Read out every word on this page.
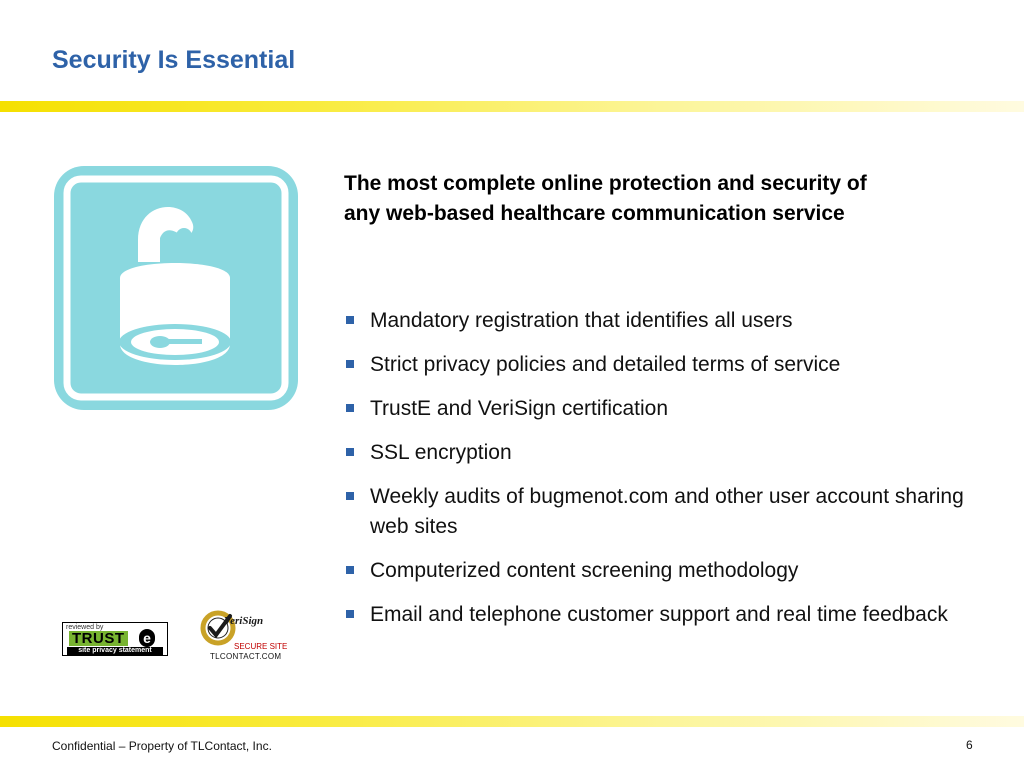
Security Is Essential

The most complete online protection and security of any web-based healthcare communication service

Mandatory registration that identifies all users
Strict privacy policies and detailed terms of service
TrustE and VeriSign certification
SSL encryption
Weekly audits of bugmenot.com and other user account sharing web sites
Computerized content screening methodology
Email and telephone customer support and real time feedback
reviewed by
TRUST e
site privacy statement
VeriSign
SECURE SITE
TLCONTACT.COM
Confidential – Property of TLContact, Inc.	6
